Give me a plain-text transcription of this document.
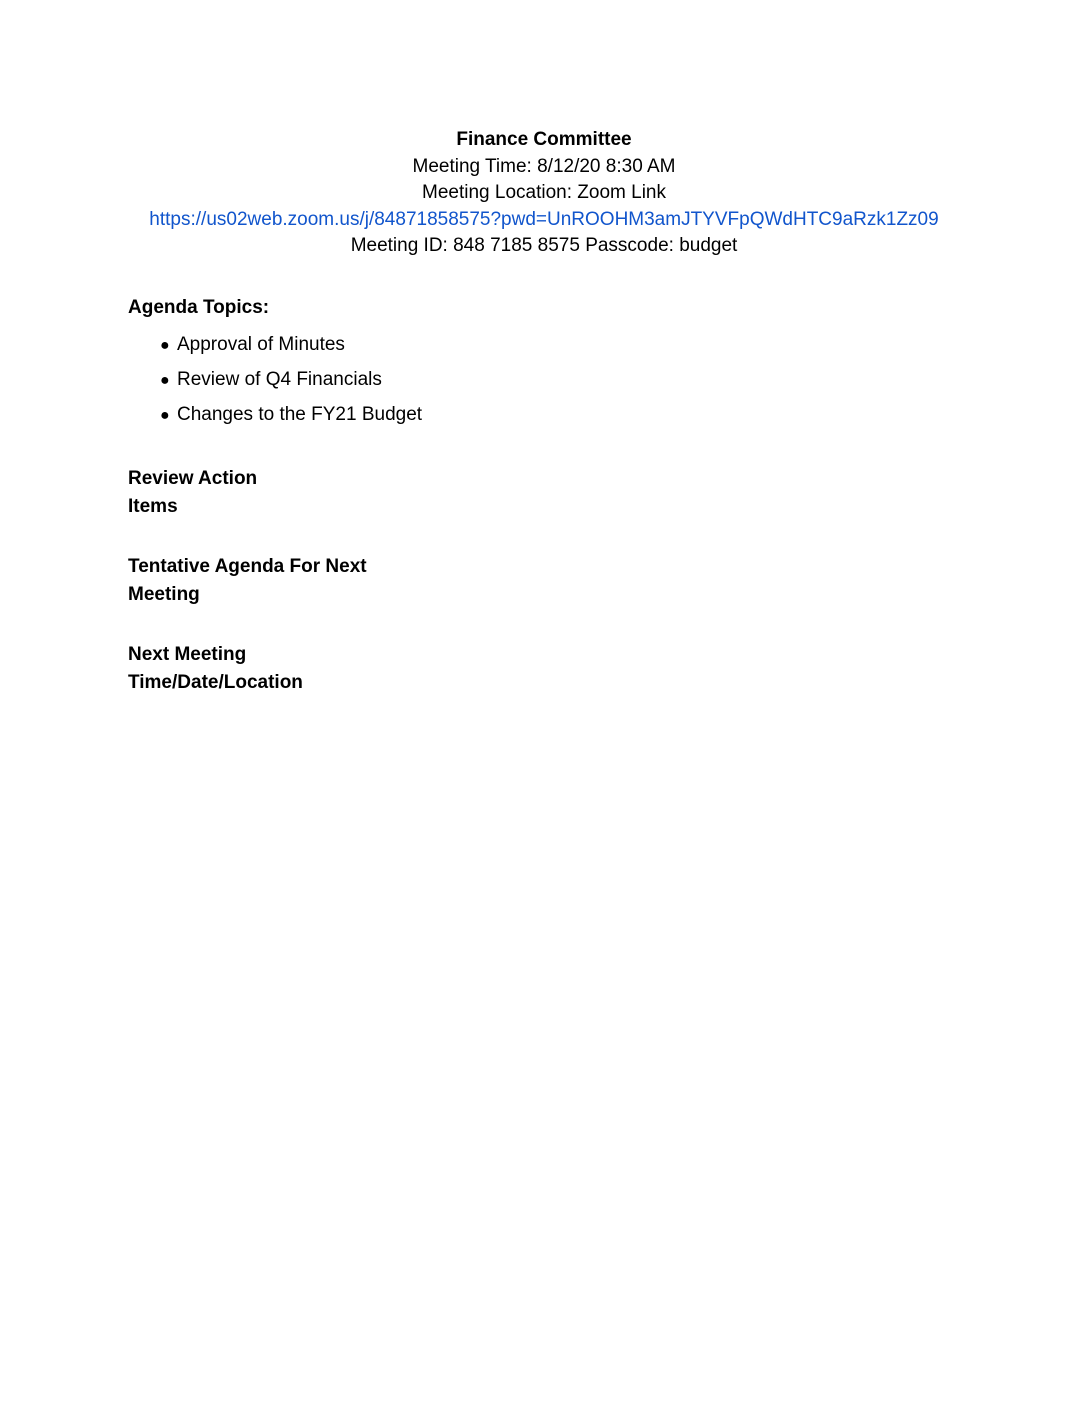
Finance Committee
Meeting Time: 8/12/20 8:30 AM
Meeting Location: Zoom Link
https://us02web.zoom.us/j/84871858575?pwd=UnROOHM3amJTYVFpQWdHTC9aRzk1Zz09
Meeting ID: 848 7185 8575 Passcode: budget

Agenda Topics:

● Approval of Minutes
● Review of Q4 Financials
● Changes to the FY21 Budget
Review Action
Items
Tentative Agenda For Next
Meeting
Next Meeting
Time/Date/Location
